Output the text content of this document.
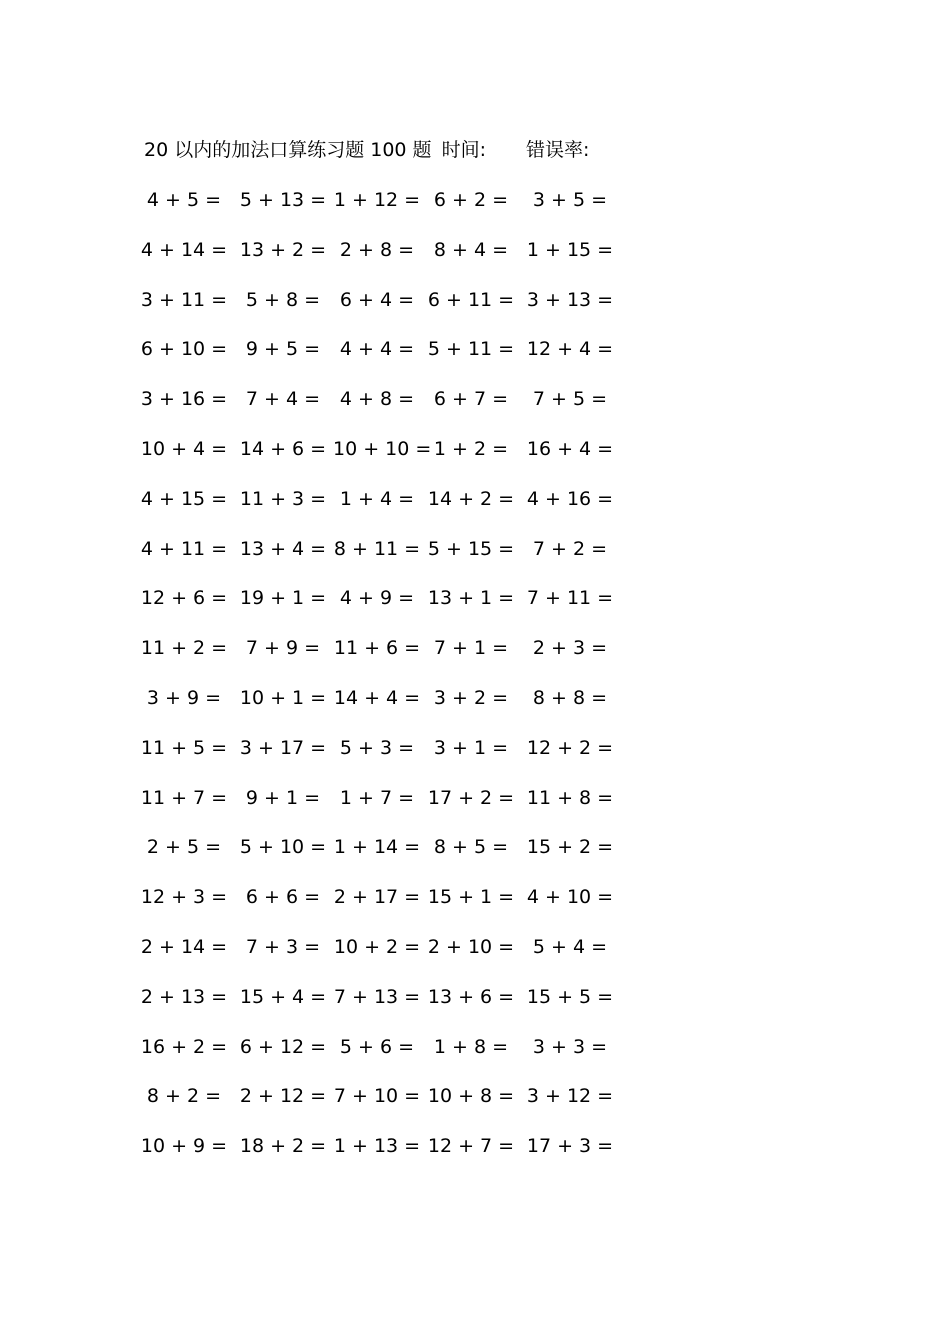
20 以内的加法口算练习题 100 题 时间: 错误率:
4 + 5 = 5 + 13 = 1 + 12 = 6 + 2 =	3 + 5 =
4 + 14 = 13 + 2 = 2 + 8 =	8 + 4 = 1 + 15 =
3 + 11 = 5 + 8 =	6 + 4 = 6 + 11 = 3 + 13 =
6 + 10 = 9 + 5 =	4 + 4 = 5 + 11 = 12 + 4 =
3 + 16 = 7 + 4 =	4 + 8 =	6 + 7 =	7 + 5 =
10 + 4 = 14 + 6 = 10 + 10 = 1 + 2 = 16 + 4 =
4 + 15 = 11 + 3 = 1 + 4 = 14 + 2 = 4 + 16 =
4 + 11 = 13 + 4 = 8 + 11 = 5 + 15 = 7 + 2 =
12 + 6 = 19 + 1 = 4 + 9 = 13 + 1 = 7 + 11 =
11 + 2 = 7 + 9 = 11 + 6 = 7 + 1 =	2 + 3 =
3 + 9 = 10 + 1 = 14 + 4 = 3 + 2 =	8 + 8 =
11 + 5 = 3 + 17 = 5 + 3 =	3 + 1 = 12 + 2 =
11 + 7 = 9 + 1 =	1 + 7 = 17 + 2 = 11 + 8 =
2 + 5 = 5 + 10 = 1 + 14 = 8 + 5 = 15 + 2 =
12 + 3 = 6 + 6 = 2 + 17 = 15 + 1 = 4 + 10 =
2 + 14 = 7 + 3 = 10 + 2 = 2 + 10 = 5 + 4 =
2 + 13 = 15 + 4 = 7 + 13 = 13 + 6 = 15 + 5 =
16 + 2 = 6 + 12 = 5 + 6 =	1 + 8 =	3 + 3 =
8 + 2 = 2 + 12 = 7 + 10 = 10 + 8 = 3 + 12 =
10 + 9 = 18 + 2 = 1 + 13 = 12 + 7 = 17 + 3 =
